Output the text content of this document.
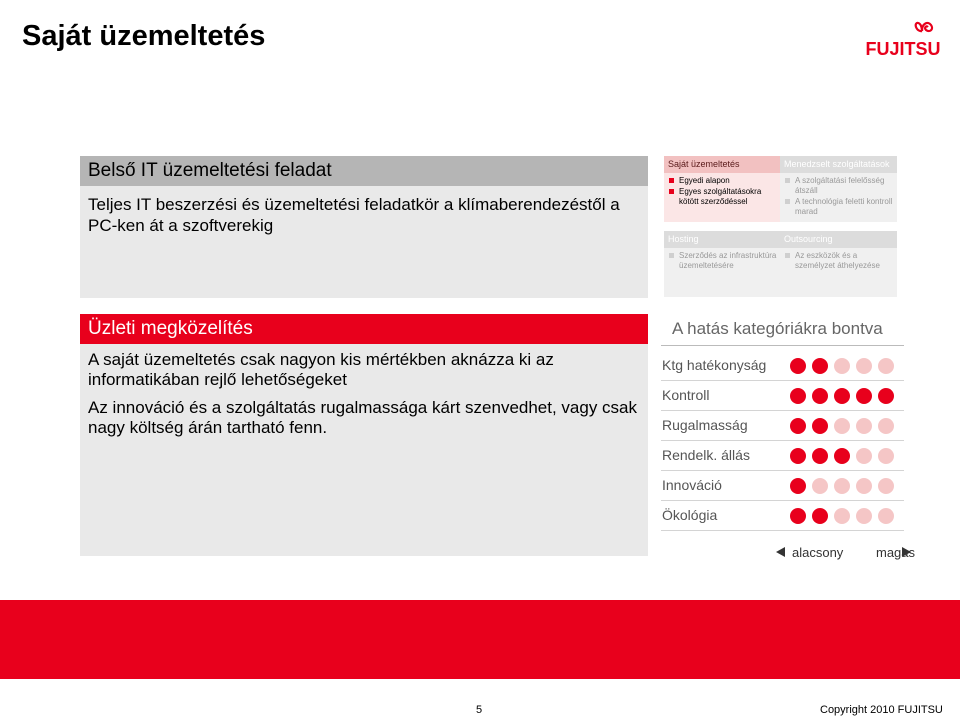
Saját üzemeltetés	FUJITSU
Belső IT üzemeltetési feladat
Teljes IT beszerzési és üzemeltetési feladatkör a klímaberendezéstől a PC-ken át a szoftverekig
Saját üzemeltetés
Egyedi alapon
Egyes szolgáltatásokra kötött szerződéssel
Menedzselt szolgáltatások
A szolgáltatási felelősség átszáll
A technológia feletti kontroll marad
Hosting
Szerződés az infrastruktúra üzemeltetésére
Outsourcing
Az eszközök és a személyzet áthelyezése
Üzleti megközelítés
A saját üzemeltetés csak nagyon kis mértékben aknázza ki az informatikában rejlő lehetőségeket
Az innováció és a szolgáltatás rugalmassága kárt szenvedhet, vagy csak nagy költség árán tartható fenn.
A hatás kategóriákra bontva
Ktg hatékonyság
Kontroll
Rugalmasság
Rendelk. állás
Innováció
Ökológia
alacsony	magas
5	Copyright 2010 FUJITSU
